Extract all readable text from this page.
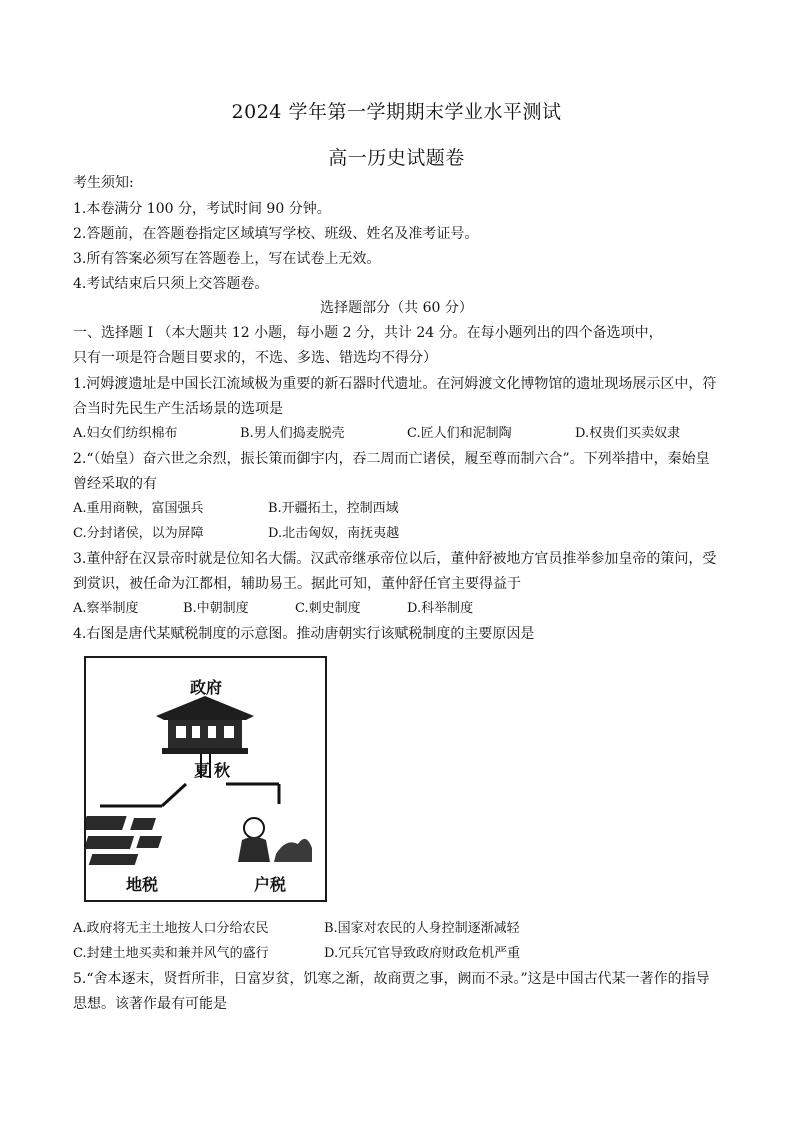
2024 学年第一学期期末学业水平测试
高一历史试题卷
考生须知:
1.本卷满分 100 分，考试时间 90 分钟。
2.答题前，在答题卷指定区域填写学校、班级、姓名及准考证号。
3.所有答案必须写在答题卷上，写在试卷上无效。
4.考试结束后只须上交答题卷。
选择题部分（共 60 分）
一、选择题 I （本大题共 12 小题，每小题 2 分，共计 24 分。在每小题列出的四个备选项中，
只有一项是符合题目要求的，不选、多选、错选均不得分）
1.河姆渡遗址是中国长江流域极为重要的新石器时代遗址。在河姆渡文化博物馆的遗址现场展示区中，符
合当时先民生产生活场景的选项是
A.妇女们纺织棉布	B.男人们捣麦脱壳	C.匠人们和泥制陶	D.权贵们买卖奴隶
2.“（始皇）奋六世之余烈，振长策而御宇内，吞二周而亡诸侯，履至尊而制六合”。下列举措中，秦始皇
曾经采取的有
A.重用商鞅，富国强兵	B.开疆拓土，控制西域
C.分封诸侯，以为屏障	D.北击匈奴，南抚夷越
3.董仲舒在汉景帝时就是位知名大儒。汉武帝继承帝位以后，董仲舒被地方官员推举参加皇帝的策问，受
到赏识，被任命为江都相，辅助易王。据此可知，董仲舒任官主要得益于
A.察举制度	B.中朝制度	C.刺史制度	D.科举制度
4.右图是唐代某赋税制度的示意图。推动唐朝实行该赋税制度的主要原因是
政府
夏 秋
地税	户税
A.政府将无主土地按人口分给农民	B.国家对农民的人身控制逐渐减轻
C.封建土地买卖和兼并风气的盛行	D.冗兵冗官导致政府财政危机严重
5.“舍本逐末，贤哲所非，日富岁贫，饥寒之渐，故商贾之事，阙而不录。”这是中国古代某一著作的指导
思想。该著作最有可能是
